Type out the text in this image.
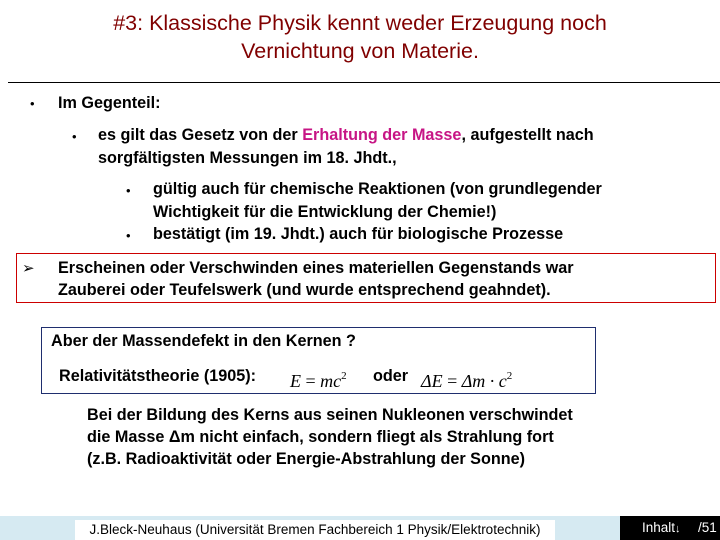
#3: Klassische Physik kennt weder Erzeugung noch
Vernichtung von Materie.
• Im Gegenteil:
• es gilt das Gesetz von der Erhaltung der Masse, aufgestellt nach
sorgfältigsten Messungen im 18. Jhdt.,
• gültig auch für chemische Reaktionen (von grundlegender
Wichtigkeit für die Entwicklung der Chemie!)
• bestätigt (im 19. Jhdt.) auch für biologische Prozesse
➢ Erscheinen oder Verschwinden eines materiellen Gegenstands war
Zauberei oder Teufelswerk (und wurde entsprechend geahndet).
Aber der Massendefekt in den Kernen ?
Relativitätstheorie (1905): $E = mc^2$ oder $\Delta E = \Delta m \cdot c^2$
Bei der Bildung des Kerns aus seinen Nukleonen verschwindet
die Masse Δm nicht einfach, sondern fliegt als Strahlung fort
(z.B. Radioaktivität oder Energie-Abstrahlung der Sonne)
J.Bleck-Neuhaus (Universität Bremen Fachbereich 1 Physik/Elektrotechnik)	Inhalt↓ /51
